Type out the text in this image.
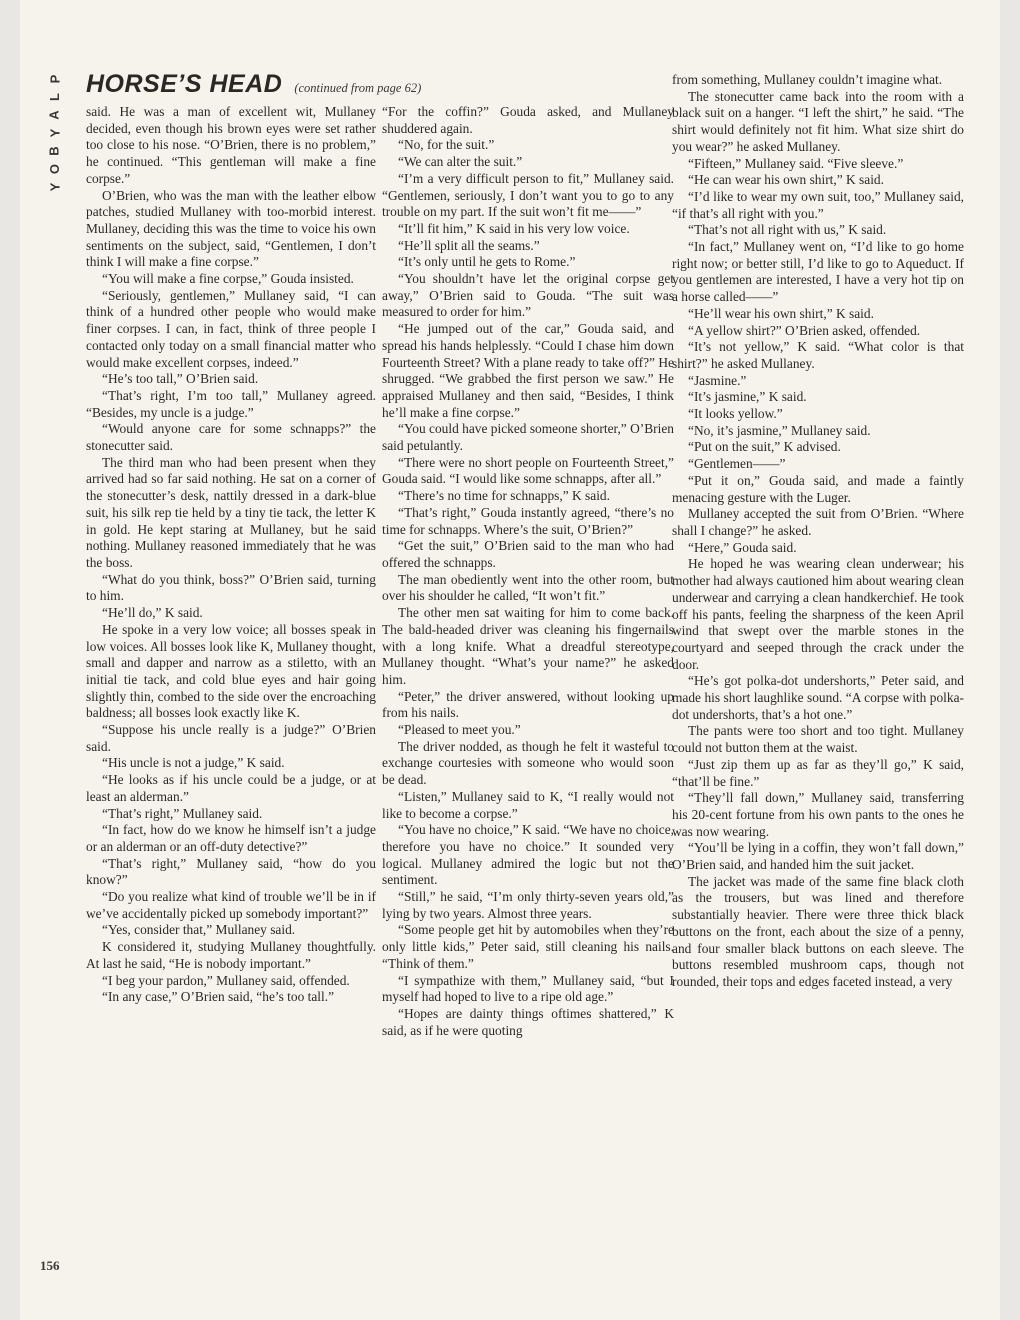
P
L
A
Y
B
O
Y
HORSE’S HEAD (continued from page 62)

said. He was a man of excellent wit, Mullaney decided, even though his brown eyes were set rather too close to his nose. “O’Brien, there is no problem,” he continued. “This gentleman will make a fine corpse.”

O’Brien, who was the man with the leather elbow patches, studied Mullaney with too-morbid interest. Mullaney, deciding this was the time to voice his own sentiments on the subject, said, “Gentlemen, I don’t think I will make a fine corpse.”

“You will make a fine corpse,” Gouda insisted.

“Seriously, gentlemen,” Mullaney said, “I can think of a hundred other people who would make finer corpses. I can, in fact, think of three people I contacted only today on a small financial matter who would make excellent corpses, indeed.”

“He’s too tall,” O’Brien said.

“That’s right, I’m too tall,” Mullaney agreed. “Besides, my uncle is a judge.”

“Would anyone care for some schnapps?” the stonecutter said.

The third man who had been present when they arrived had so far said nothing. He sat on a corner of the stonecutter’s desk, nattily dressed in a dark-blue suit, his silk rep tie held by a tiny tie tack, the letter K in gold. He kept staring at Mullaney, but he said nothing. Mullaney reasoned immediately that he was the boss.

“What do you think, boss?” O’Brien said, turning to him.

“He’ll do,” K said.

He spoke in a very low voice; all bosses speak in low voices. All bosses look like K, Mullaney thought, small and dapper and narrow as a stiletto, with an initial tie tack, and cold blue eyes and hair going slightly thin, combed to the side over the encroaching baldness; all bosses look exactly like K.

“Suppose his uncle really is a judge?” O’Brien said.

“His uncle is not a judge,” K said.

“He looks as if his uncle could be a judge, or at least an alderman.”

“That’s right,” Mullaney said.

“In fact, how do we know he himself isn’t a judge or an alderman or an off-duty detective?”

“That’s right,” Mullaney said, “how do you know?”

“Do you realize what kind of trouble we’ll be in if we’ve accidentally picked up somebody important?”

“Yes, consider that,” Mullaney said.

K considered it, studying Mullaney thoughtfully. At last he said, “He is nobody important.”

“I beg your pardon,” Mullaney said, offended.

“In any case,” O’Brien said, “he’s too tall.”

“For the coffin?” Gouda asked, and Mullaney shuddered again.

“No, for the suit.”

“We can alter the suit.”

“I’m a very difficult person to fit,” Mullaney said. “Gentlemen, seriously, I don’t want you to go to any trouble on my part. If the suit won’t fit me——”

“It’ll fit him,” K said in his very low voice.

“He’ll split all the seams.”

“It’s only until he gets to Rome.”

“You shouldn’t have let the original corpse get away,” O’Brien said to Gouda. “The suit was measured to order for him.”

“He jumped out of the car,” Gouda said, and spread his hands helplessly. “Could I chase him down Fourteenth Street? With a plane ready to take off?” He shrugged. “We grabbed the first person we saw.” He appraised Mullaney and then said, “Besides, I think he’ll make a fine corpse.”

“You could have picked someone shorter,” O’Brien said petulantly.

“There were no short people on Fourteenth Street,” Gouda said. “I would like some schnapps, after all.”

“There’s no time for schnapps,” K said.

“That’s right,” Gouda instantly agreed, “there’s no time for schnapps. Where’s the suit, O’Brien?”

“Get the suit,” O’Brien said to the man who had offered the schnapps.

The man obediently went into the other room, but over his shoulder he called, “It won’t fit.”

The other men sat waiting for him to come back. The bald-headed driver was cleaning his fingernails with a long knife. What a dreadful stereotype, Mullaney thought. “What’s your name?” he asked him.

“Peter,” the driver answered, without looking up from his nails.

“Pleased to meet you.”

The driver nodded, as though he felt it wasteful to exchange courtesies with someone who would soon be dead.

“Listen,” Mullaney said to K, “I really would not like to become a corpse.”

“You have no choice,” K said. “We have no choice, therefore you have no choice.” It sounded very logical. Mullaney admired the logic but not the sentiment.

“Still,” he said, “I’m only thirty-seven years old,” lying by two years. Almost three years.

“Some people get hit by automobiles when they’re only little kids,” Peter said, still cleaning his nails. “Think of them.”

“I sympathize with them,” Mullaney said, “but I myself had hoped to live to a ripe old age.”

“Hopes are dainty things oftimes shattered,” K said, as if he were quoting

from something, Mullaney couldn’t imagine what.

The stonecutter came back into the room with a black suit on a hanger. “I left the shirt,” he said. “The shirt would definitely not fit him. What size shirt do you wear?” he asked Mullaney.

“Fifteen,” Mullaney said. “Five sleeve.”

“He can wear his own shirt,” K said.

“I’d like to wear my own suit, too,” Mullaney said, “if that’s all right with you.”

“That’s not all right with us,” K said.

“In fact,” Mullaney went on, “I’d like to go home right now; or better still, I’d like to go to Aqueduct. If you gentlemen are interested, I have a very hot tip on a horse called——”

“He’ll wear his own shirt,” K said.

“A yellow shirt?” O’Brien asked, offended.

“It’s not yellow,” K said. “What color is that shirt?” he asked Mullaney.

“Jasmine.”

“It’s jasmine,” K said.

“It looks yellow.”

“No, it’s jasmine,” Mullaney said.

“Put on the suit,” K advised.

“Gentlemen——”

“Put it on,” Gouda said, and made a faintly menacing gesture with the Luger.

Mullaney accepted the suit from O’Brien. “Where shall I change?” he asked.

“Here,” Gouda said.

He hoped he was wearing clean underwear; his mother had always cautioned him about wearing clean underwear and carrying a clean handkerchief. He took off his pants, feeling the sharpness of the keen April wind that swept over the marble stones in the courtyard and seeped through the crack under the door.

“He’s got polka-dot undershorts,” Peter said, and made his short laughlike sound. “A corpse with polka-dot undershorts, that’s a hot one.”

The pants were too short and too tight. Mullaney could not button them at the waist.

“Just zip them up as far as they’ll go,” K said, “that’ll be fine.”

“They’ll fall down,” Mullaney said, transferring his 20-cent fortune from his own pants to the ones he was now wearing.

“You’ll be lying in a coffin, they won’t fall down,” O’Brien said, and handed him the suit jacket.

The jacket was made of the same fine black cloth as the trousers, but was lined and therefore substantially heavier. There were three thick black buttons on the front, each about the size of a penny, and four smaller black buttons on each sleeve. The buttons resembled mushroom caps, though not rounded, their tops and edges faceted instead, a very

156
